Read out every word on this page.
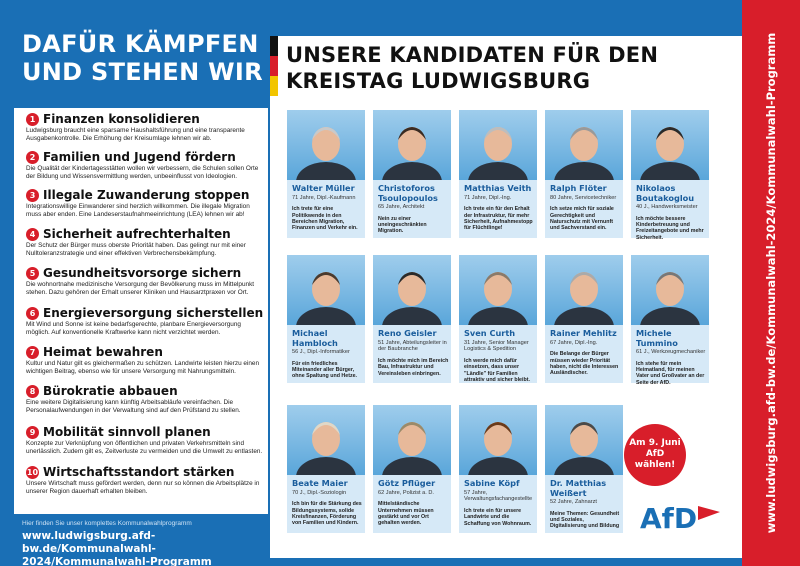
DAFÜR KÄMPFEN
UND STEHEN WIR
1 Finanzen konsolidieren
Ludwigsburg braucht eine sparsame Haushaltsführung und eine transparente Ausgabenkontrolle. Die Erhöhung der Kreisumlage lehnen wir ab.
2 Familien und Jugend fördern
Die Qualität der Kindertagesstätten wollen wir verbessern, die Schulen sollen Orte der Bildung und Wissensvermittlung werden, unbeeinflusst von Ideologien.
3 Illegale Zuwanderung stoppen
Integrationswillige Einwanderer sind herzlich willkommen. Die illegale Migration muss aber enden. Eine Landeserstaufnahmeeinrichtung (LEA) lehnen wir ab!
4 Sicherheit aufrechterhalten
Der Schutz der Bürger muss oberste Priorität haben. Das gelingt nur mit einer Nulltoleranzstrategie und einer effektiven Verbrechensbekämpfung.
5 Gesundheitsvorsorge sichern
Die wohnortnahe medizinische Versorgung der Bevölkerung muss im Mittelpunkt stehen. Dazu gehören der Erhalt unserer Kliniken und Hausarztpraxen vor Ort.
6 Energieversorgung sicherstellen
Mit Wind und Sonne ist keine bedarfsgerechte, planbare Energieversorgung möglich. Auf konventionelle Kraftwerke kann nicht verzichtet werden.
7 Heimat bewahren
Kultur und Natur gilt es gleichermaßen zu schützen. Landwirte leisten hierzu einen wichtigen Beitrag, ebenso wie für unsere Versorgung mit Nahrungsmitteln.
8 Bürokratie abbauen
Eine weitere Digitalisierung kann künftig Arbeitsabläufe vereinfachen. Die Personalaufwendungen in der Verwaltung sind auf den Prüfstand zu stellen.
9 Mobilität sinnvoll planen
Konzepte zur Verknüpfung von öffentlichen und privaten Verkehrsmitteln sind unerlässlich. Zudem gilt es, Zeitverluste zu vermeiden und die Umwelt zu entlasten.
10 Wirtschaftsstandort stärken
Unsere Wirtschaft muss gefördert werden, denn nur so können die Arbeitsplätze in unserer Region dauerhaft erhalten bleiben.
Hier finden Sie unser komplettes Kommunalwahlprogramm
www.ludwigsburg.afd-bw.de/Kommunalwahl-
2024/Kommunalwahl-Programm
UNSERE KANDIDATEN FÜR DEN
KREISTAG LUDWIGSBURG
Walter Müller
71 Jahre, Dipl.-Kaufmann
Ich trete für eine Politikwende in den Bereichen Migration, Finanzen und Verkehr ein.
Christoforos Tsoulopoulos
65 Jahre, Architekt
Nein zu einer uneingeschränkten Migration.
Matthias Veith
71 Jahre, Dipl.-Ing.
Ich trete ein für den Erhalt der Infrastruktur, für mehr Sicherheit, Aufnahmestopp für Flüchtlinge!
Ralph Flöter
80 Jahre, Servicetechniker
Ich setze mich für soziale Gerechtigkeit und Naturschutz mit Vernunft und Sachverstand ein.
Nikolaos Boutakoglou
40 J., Handwerksmeister
Ich möchte bessere Kinderbetreuung und Freizeitangebote und mehr Sicherheit.
Michael Hambloch
56 J., Dipl.-Informatiker
Für ein friedliches Miteinander aller Bürger, ohne Spaltung und Hetze.
Reno Geisler
51 Jahre, Abteilungsleiter in der Baubranche
Ich möchte mich im Bereich Bau, Infrastruktur und Vereinsleben einbringen.
Sven Curth
31 Jahre, Senior Manager Logistics & Spedition
Ich werde mich dafür einsetzen, dass unser "Ländle" für Familien attraktiv und sicher bleibt.
Rainer Mehlitz
67 Jahre, Dipl.-Ing.
Die Belange der Bürger müssen wieder Priorität haben, nicht die Interessen Ausländischer.
Michele Tummino
61 J., Werkzeugmechaniker
Ich stehe für mein Heimatland, für meinen Vater und Großvater an der Seite der AfD.
Beate Maier
70 J., Dipl.-Soziologin
Ich bin für die Stärkung des Bildungssystems, solide Kreisfinanzen, Förderung von Familien und Kindern.
Götz Pflüger
62 Jahre, Polizist a. D.
Mittelständische Unternehmen müssen gestärkt und vor Ort gehalten werden.
Sabine Köpf
57 Jahre, Verwaltungsfachangestellte
Ich trete ein für unsere Landwirte und die Schaffung von Wohnraum.
Dr. Matthias Weißert
52 Jahre, Zahnarzt
Meine Themen: Gesundheit und Soziales, Digitalisierung und Bildung
Am 9. Juni
AfD
wählen!
AfD	www.ludwigsburg.afd-bw.de/Kommunalwahl-2024/Kommunalwahl-Programm
